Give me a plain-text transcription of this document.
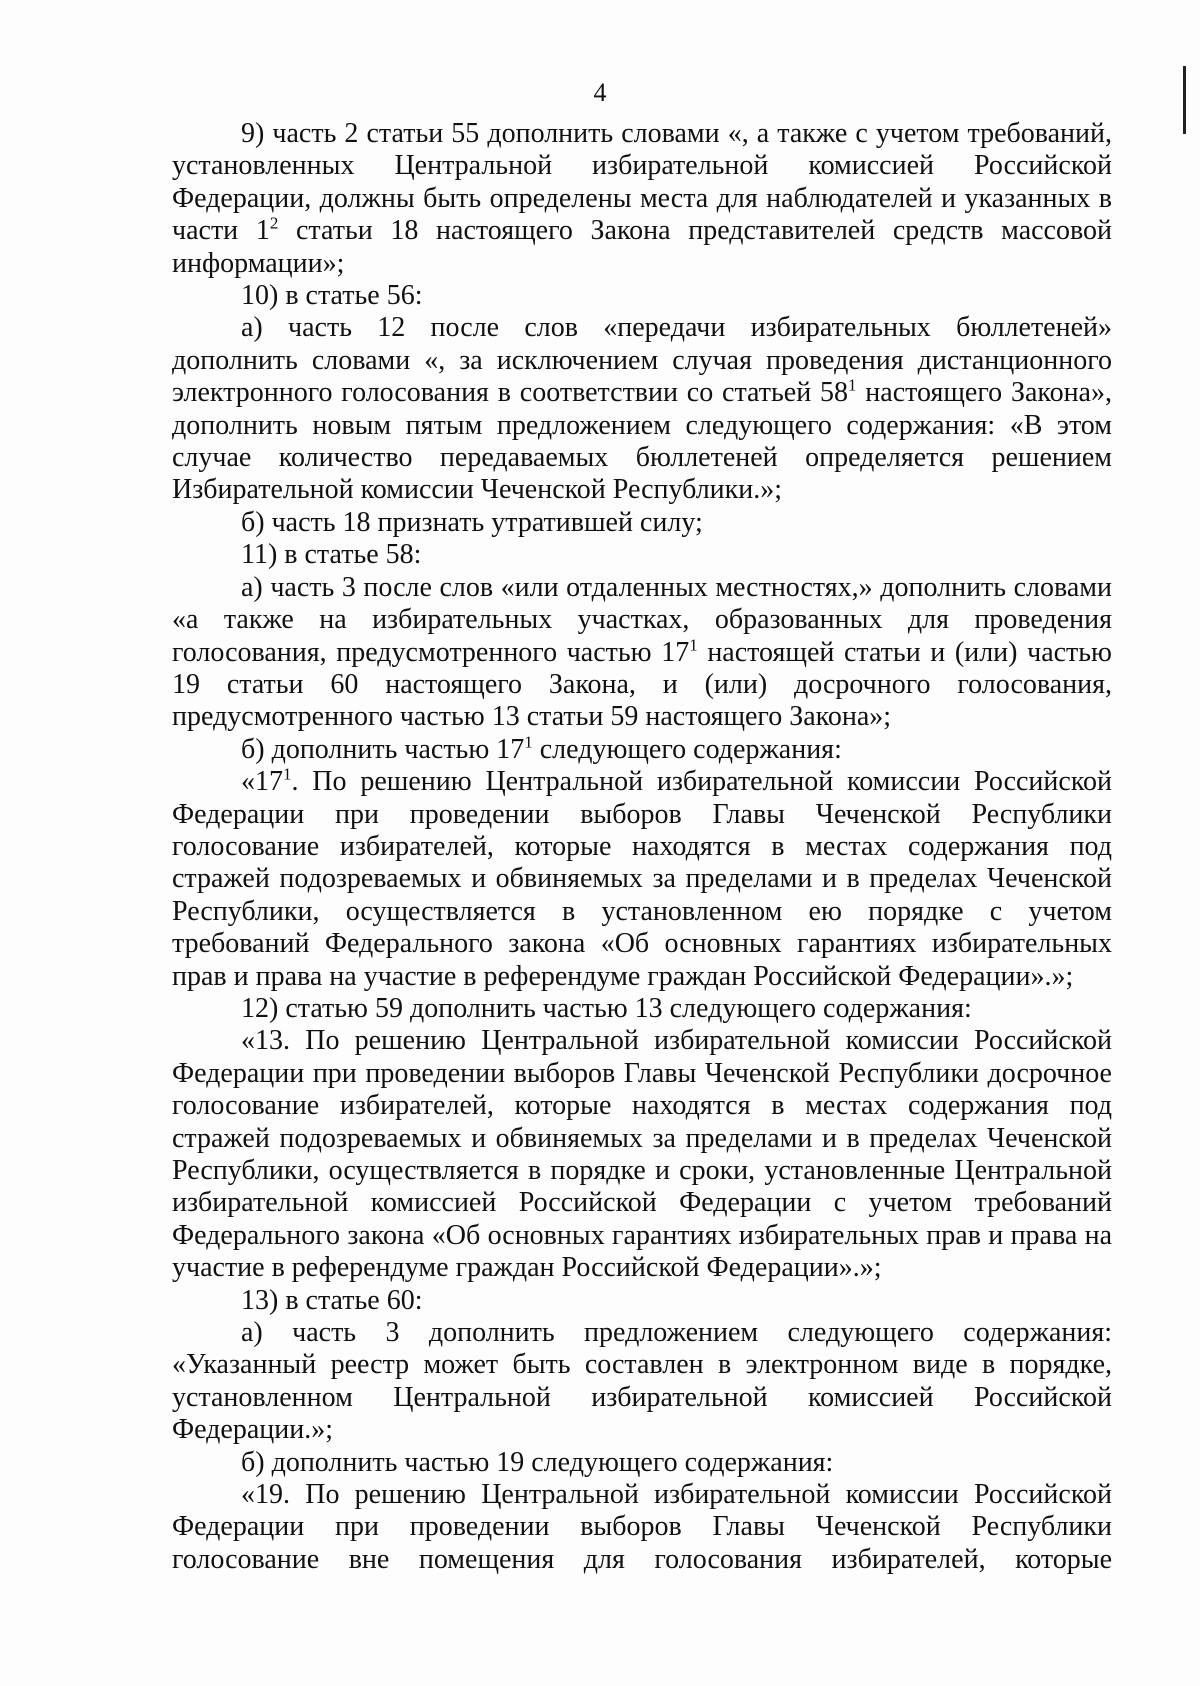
4

9) часть 2 статьи 55 дополнить словами «, а также с учетом требований, установленных Центральной избирательной комиссией Российской Федерации, должны быть определены места для наблюдателей и указанных в части $1^2$ статьи 18 настоящего Закона представителей средств массовой информации»;

10) в статье 56:

а) часть 12 после слов «передачи избирательных бюллетеней» дополнить словами «, за исключением случая проведения дистанционного электронного голосования в соответствии со статьей $58^1$ настоящего Закона», дополнить новым пятым предложением следующего содержания: «В этом случае количество передаваемых бюллетеней определяется решением Избирательной комиссии Чеченской Республики.»;

б) часть 18 признать утратившей силу;

11) в статье 58:

а) часть 3 после слов «или отдаленных местностях,» дополнить словами «а также на избирательных участках, образованных для проведения голосования, предусмотренного частью $17^1$ настоящей статьи и (или) частью 19 статьи 60 настоящего Закона, и (или) досрочного голосования, предусмотренного частью 13 статьи 59 настоящего Закона»;

б) дополнить частью $17^1$ следующего содержания:

«$17^1$. По решению Центральной избирательной комиссии Российской Федерации при проведении выборов Главы Чеченской Республики голосование избирателей, которые находятся в местах содержания под стражей подозреваемых и обвиняемых за пределами и в пределах Чеченской Республики, осуществляется в установленном ею порядке с учетом требований Федерального закона «Об основных гарантиях избирательных прав и права на участие в референдуме граждан Российской Федерации».»;

12) статью 59 дополнить частью 13 следующего содержания:

«13. По решению Центральной избирательной комиссии Российской Федерации при проведении выборов Главы Чеченской Республики досрочное голосование избирателей, которые находятся в местах содержания под стражей подозреваемых и обвиняемых за пределами и в пределах Чеченской Республики, осуществляется в порядке и сроки, установленные Центральной избирательной комиссией Российской Федерации с учетом требований Федерального закона «Об основных гарантиях избирательных прав и права на участие в референдуме граждан Российской Федерации».»;

13) в статье 60:

а) часть 3 дополнить предложением следующего содержания:
«Указанный реестр может быть составлен в электронном виде в порядке,
установленном Центральной избирательной комиссией Российской
Федерации.»;

б) дополнить частью 19 следующего содержания:

«19. По решению Центральной избирательной комиссии Российской Федерации при проведении выборов Главы Чеченской Республики голосование вне помещения для голосования избирателей, которые
